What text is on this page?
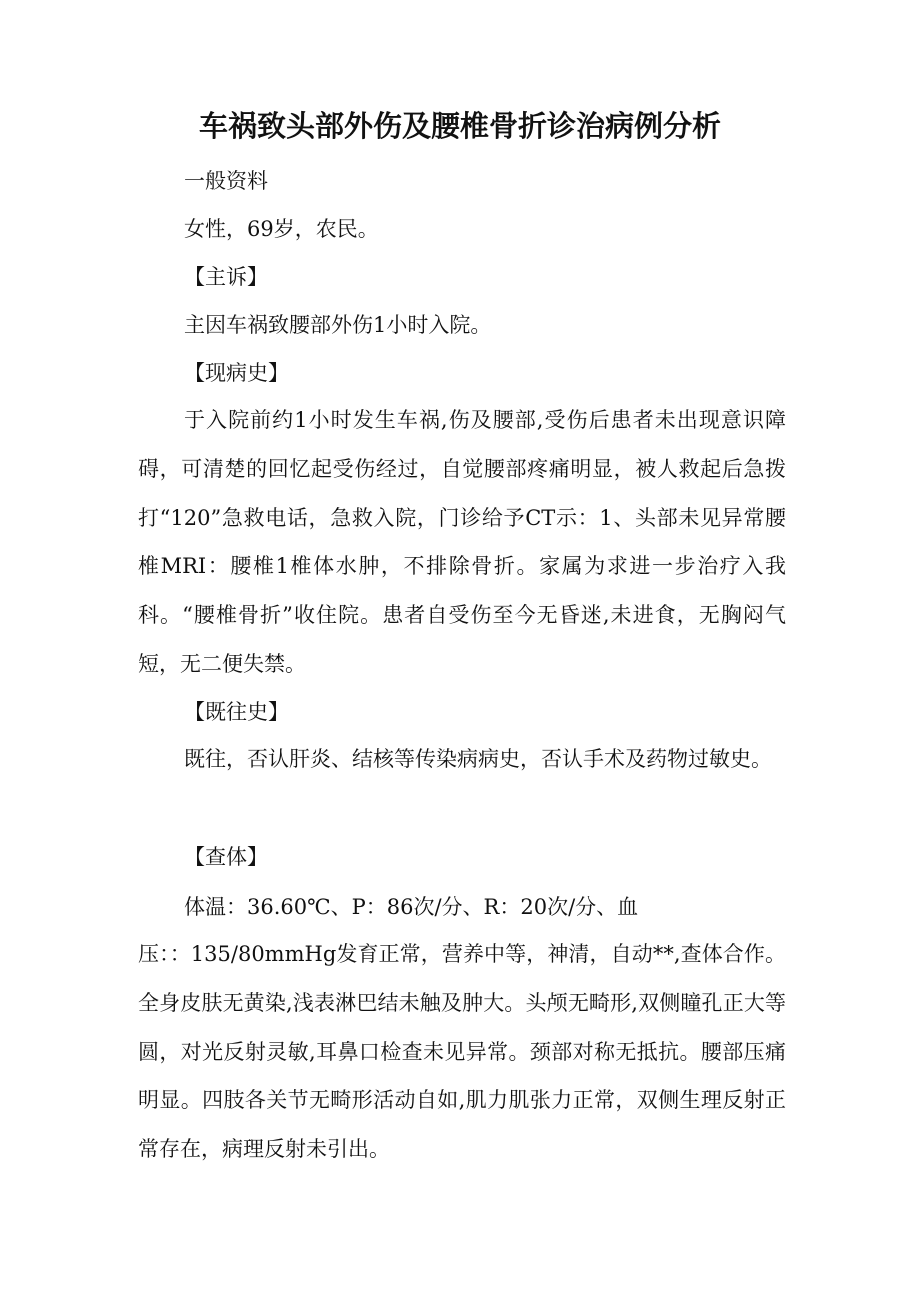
车祸致头部外伤及腰椎骨折诊治病例分析

一般资料

女性，69岁，农民。

【主诉】

主因车祸致腰部外伤1小时入院。

【现病史】

于入院前约1小时发生车祸,伤及腰部,受伤后患者未出现意识障碍，可清楚的回忆起受伤经过，自觉腰部疼痛明显，被人救起后急拨打“120”急救电话，急救入院，门诊给予CT示：1、头部未见异常腰椎MRI：腰椎1椎体水肿，不排除骨折。家属为求进一步治疗入我科。“腰椎骨折”收住院。患者自受伤至今无昏迷,未进食，无胸闷气短，无二便失禁。

【既往史】

既往，否认肝炎、结核等传染病病史，否认手术及药物过敏史。

【查体】

体温：36.60℃、P：86次/分、R：20次/分、血

压：：135/80mmHg发育正常，营养中等，神清，自动**,查体合作。全身皮肤无黄染,浅表淋巴结未触及肿大。头颅无畸形,双侧瞳孔正大等圆，对光反射灵敏,耳鼻口检查未见异常。颈部对称无抵抗。腰部压痛明显。四肢各关节无畸形活动自如,肌力肌张力正常，双侧生理反射正常存在，病理反射未引出。
